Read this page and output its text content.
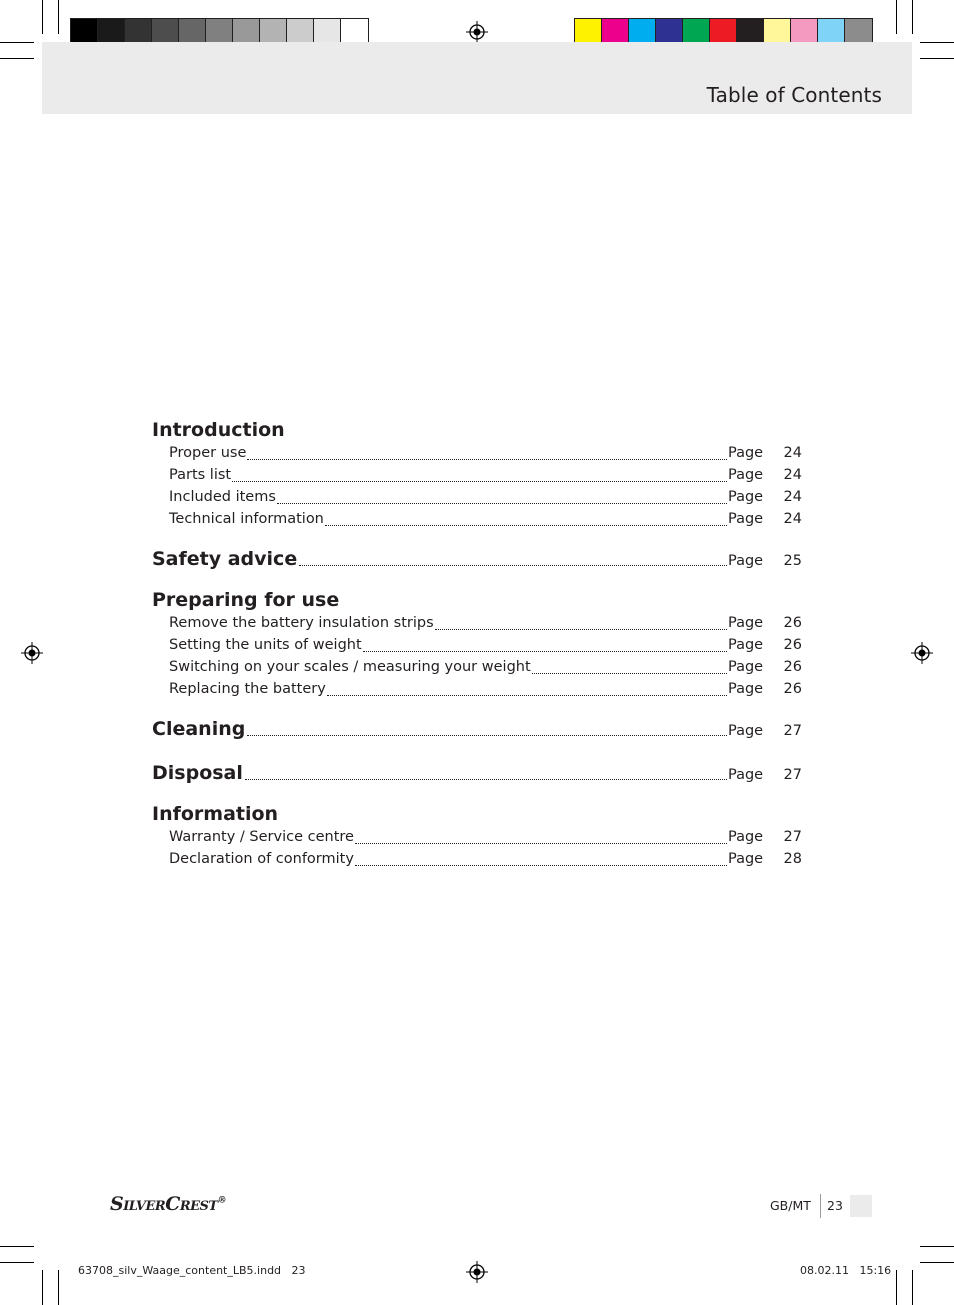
Table of Contents
Introduction
Proper use	Page	24
Parts list	Page	24
Included items	Page	24
Technical information	Page	24
Safety advice	Page	25
Preparing for use
Remove the battery insulation strips	Page	26
Setting the units of weight	Page	26
Switching on your scales / measuring your weight	Page	26
Replacing the battery	Page	26
Cleaning	Page	27
Disposal	Page	27
Information
Warranty / Service centre	Page	27
Declaration of conformity	Page	28
SilverCrest®	GB/MT 23
63708_silv_Waage_content_LB5.indd   23	08.02.11   15:16
